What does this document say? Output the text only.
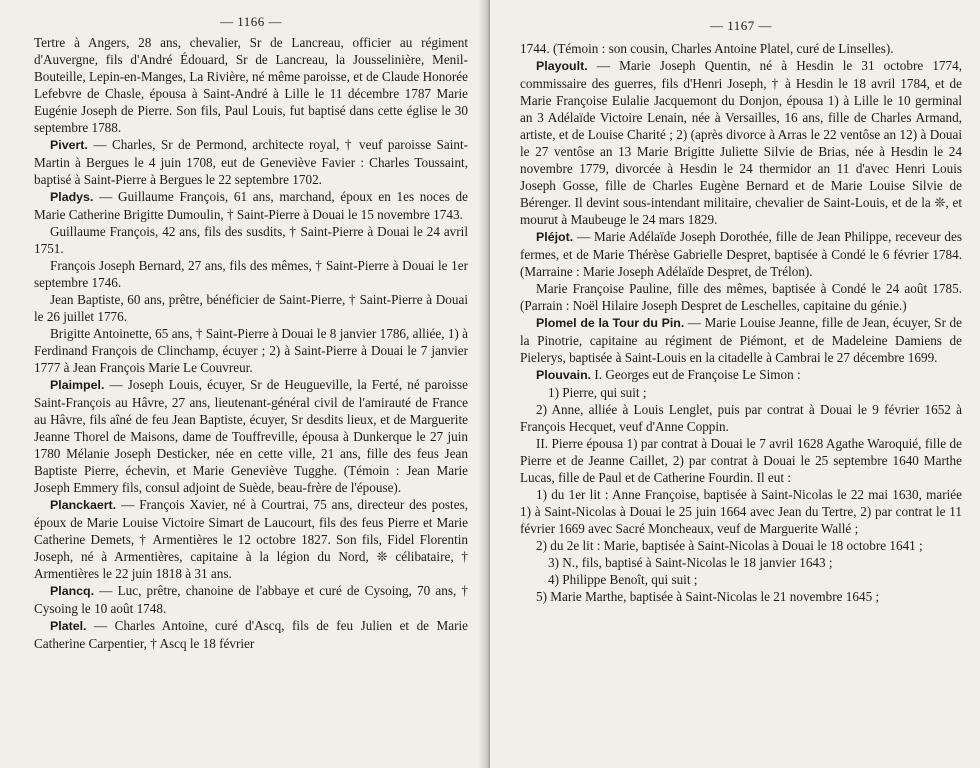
— 1166 —

Tertre à Angers, 28 ans, chevalier, Sr de Lancreau, officier au régiment d'Auvergne, fils d'André Édouard, Sr de Lancreau, la Jousselinière, Menil-Bouteille, Lepin-en-Manges, La Rivière, né même paroisse, et de Claude Honorée Lefebvre de Chasle, épousa à Saint-André à Lille le 11 décembre 1787 Marie Eugénie Joseph de Pierre. Son fils, Paul Louis, fut baptisé dans cette église le 30 septembre 1788.

Pivert. — Charles, Sr de Permond, architecte royal, † veuf paroisse Saint-Martin à Bergues le 4 juin 1708, eut de Geneviève Favier : Charles Toussaint, baptisé à Saint-Pierre à Bergues le 22 septembre 1702.

Pladys. — Guillaume François, 61 ans, marchand, époux en 1es noces de Marie Catherine Brigitte Dumoulin, † Saint-Pierre à Douai le 15 novembre 1743.

Guillaume François, 42 ans, fils des susdits, † Saint-Pierre à Douai le 24 avril 1751.

François Joseph Bernard, 27 ans, fils des mêmes, † Saint-Pierre à Douai le 1er septembre 1746.

Jean Baptiste, 60 ans, prêtre, bénéficier de Saint-Pierre, † Saint-Pierre à Douai le 26 juillet 1776.

Brigitte Antoinette, 65 ans, † Saint-Pierre à Douai le 8 janvier 1786, alliée, 1) à Ferdinand François de Clinchamp, écuyer ; 2) à Saint-Pierre à Douai le 7 janvier 1777 à Jean François Marie Le Couvreur.

Plaimpel. — Joseph Louis, écuyer, Sr de Heugueville, la Ferté, né paroisse Saint-François au Hâvre, 27 ans, lieutenant-général civil de l'amirauté de France au Hâvre, fils aîné de feu Jean Baptiste, écuyer, Sr desdits lieux, et de Marguerite Jeanne Thorel de Maisons, dame de Touffreville, épousa à Dunkerque le 27 juin 1780 Mélanie Joseph Desticker, née en cette ville, 21 ans, fille des feus Jean Baptiste Pierre, échevin, et Marie Geneviève Tugghe. (Témoin : Jean Marie Joseph Emmery fils, consul adjoint de Suède, beau-frère de l'épouse).

Planckaert. — François Xavier, né à Courtrai, 75 ans, directeur des postes, époux de Marie Louise Victoire Simart de Laucourt, fils des feus Pierre et Marie Catherine Demets, † Armentières le 12 octobre 1827. Son fils, Fidel Florentin Joseph, né à Armentières, capitaine à la légion du Nord, ❊ célibataire, † Armentières le 22 juin 1818 à 31 ans.

Plancq. — Luc, prêtre, chanoine de l'abbaye et curé de Cysoing, 70 ans, † Cysoing le 10 août 1748.

Platel. — Charles Antoine, curé d'Ascq, fils de feu Julien et de Marie Catherine Carpentier, † Ascq le 18 février

— 1167 —

1744. (Témoin : son cousin, Charles Antoine Platel, curé de Linselles).

Playoult. — Marie Joseph Quentin, né à Hesdin le 31 octobre 1774, commissaire des guerres, fils d'Henri Joseph, † à Hesdin le 18 avril 1784, et de Marie Françoise Eulalie Jacquemont du Donjon, épousa 1) à Lille le 10 germinal an 3 Adélaïde Victoire Lenain, née à Versailles, 16 ans, fille de Charles Armand, artiste, et de Louise Charité ; 2) (après divorce à Arras le 22 ventôse an 12) à Douai le 27 ventôse an 13 Marie Brigitte Juliette Silvie de Brias, née à Hesdin le 24 novembre 1779, divorcée à Hesdin le 24 thermidor an 11 d'avec Henri Louis Joseph Gosse, fille de Charles Eugène Bernard et de Marie Louise Silvie de Bérenger. Il devint sous-intendant militaire, chevalier de Saint-Louis, et de la ❊, et mourut à Maubeuge le 24 mars 1829.

Pléjot. — Marie Adélaïde Joseph Dorothée, fille de Jean Philippe, receveur des fermes, et de Marie Thérèse Gabrielle Despret, baptisée à Condé le 6 février 1784. (Marraine : Marie Joseph Adélaïde Despret, de Trélon).

Marie Françoise Pauline, fille des mêmes, baptisée à Condé le 24 août 1785. (Parrain : Noël Hilaire Joseph Despret de Leschelles, capitaine du génie.)

Plomel de la Tour du Pin. — Marie Louise Jeanne, fille de Jean, écuyer, Sr de la Pinotrie, capitaine au régiment de Piémont, et de Madeleine Damiens de Pielerys, baptisée à Saint-Louis en la citadelle à Cambrai le 27 décembre 1699.

Plouvain. I. Georges eut de Françoise Le Simon :

1) Pierre, qui suit ;

2) Anne, alliée à Louis Lenglet, puis par contrat à Douai le 9 février 1652 à François Hecquet, veuf d'Anne Coppin.

II. Pierre épousa 1) par contrat à Douai le 7 avril 1628 Agathe Waroquié, fille de Pierre et de Jeanne Caillet, 2) par contrat à Douai le 25 septembre 1640 Marthe Lucas, fille de Paul et de Catherine Fourdin. Il eut :

1) du 1er lit : Anne Françoise, baptisée à Saint-Nicolas le 22 mai 1630, mariée 1) à Saint-Nicolas à Douai le 25 juin 1664 avec Jean du Tertre, 2) par contrat le 11 février 1669 avec Sacré Moncheaux, veuf de Marguerite Wallé ;

2) du 2e lit : Marie, baptisée à Saint-Nicolas à Douai le 18 octobre 1641 ;

3) N., fils, baptisé à Saint-Nicolas le 18 janvier 1643 ;

4) Philippe Benoît, qui suit ;

5) Marie Marthe, baptisée à Saint-Nicolas le 21 novembre 1645 ;
